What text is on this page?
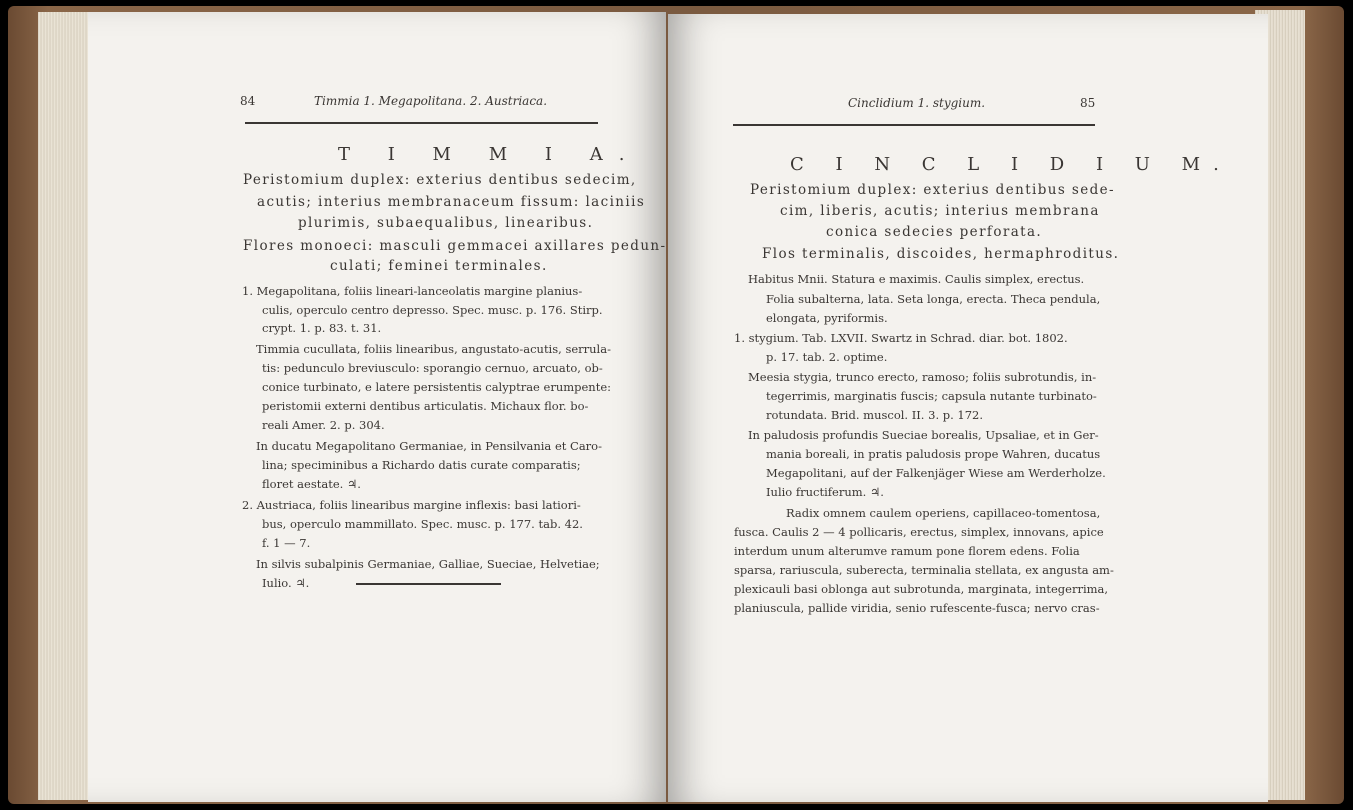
84	Timmia 1. Megapolitana. 2. Austriaca.
T I M M I A.
Peristomium duplex: exterius dentibus sedecim,
acutis; interius membranaceum fissum: laciniis
plurimis, subaequalibus, linearibus.
Flores monoeci: masculi gemmacei axillares pedun-
culati; feminei terminales.
1. Megapolitana, foliis lineari-lanceolatis margine planius-
culis, operculo centro depresso. Spec. musc. p. 176. Stirp.
crypt. 1. p. 83. t. 31.
Timmia cucullata, foliis linearibus, angustato-acutis, serrula-
tis: pedunculo breviusculo: sporangio cernuo, arcuato, ob-
conice turbinato, e latere persistentis calyptrae erumpente:
peristomii externi dentibus articulatis. Michaux flor. bo-
reali Amer. 2. p. 304.
In ducatu Megapolitano Germaniae, in Pensilvania et Caro-
lina; speciminibus a Richardo datis curate comparatis;
floret aestate. ♃.
2. Austriaca, foliis linearibus margine inflexis: basi latiori-
bus, operculo mammillato. Spec. musc. p. 177. tab. 42.
f. 1 — 7.
In silvis subalpinis Germaniae, Galliae, Sueciae, Helvetiae;
Iulio. ♃.
Cinclidium 1. stygium.	85
C I N C L I D I U M.
Peristomium duplex: exterius dentibus sede-
cim, liberis, acutis; interius membrana
conica sedecies perforata.
Flos terminalis, discoides, hermaphroditus.
Habitus Mnii. Statura e maximis. Caulis simplex, erectus.
Folia subalterna, lata. Seta longa, erecta. Theca pendula,
elongata, pyriformis.
1. stygium. Tab. LXVII. Swartz in Schrad. diar. bot. 1802.
p. 17. tab. 2. optime.
Meesia stygia, trunco erecto, ramoso; foliis subrotundis, in-
tegerrimis, marginatis fuscis; capsula nutante turbinato-
rotundata. Brid. muscol. II. 3. p. 172.
In paludosis profundis Sueciae borealis, Upsaliae, et in Ger-
mania boreali, in pratis paludosis prope Wahren, ducatus
Megapolitani, auf der Falkenjäger Wiese am Werderholze.
Iulio fructiferum. ♃.
Radix omnem caulem operiens, capillaceo-tomentosa,
fusca. Caulis 2 — 4 pollicaris, erectus, simplex, innovans, apice
interdum unum alterumve ramum pone florem edens. Folia
sparsa, rariuscula, suberecta, terminalia stellata, ex angusta am-
plexicauli basi oblonga aut subrotunda, marginata, integerrima,
planiuscula, pallide viridia, senio rufescente-fusca; nervo cras-
